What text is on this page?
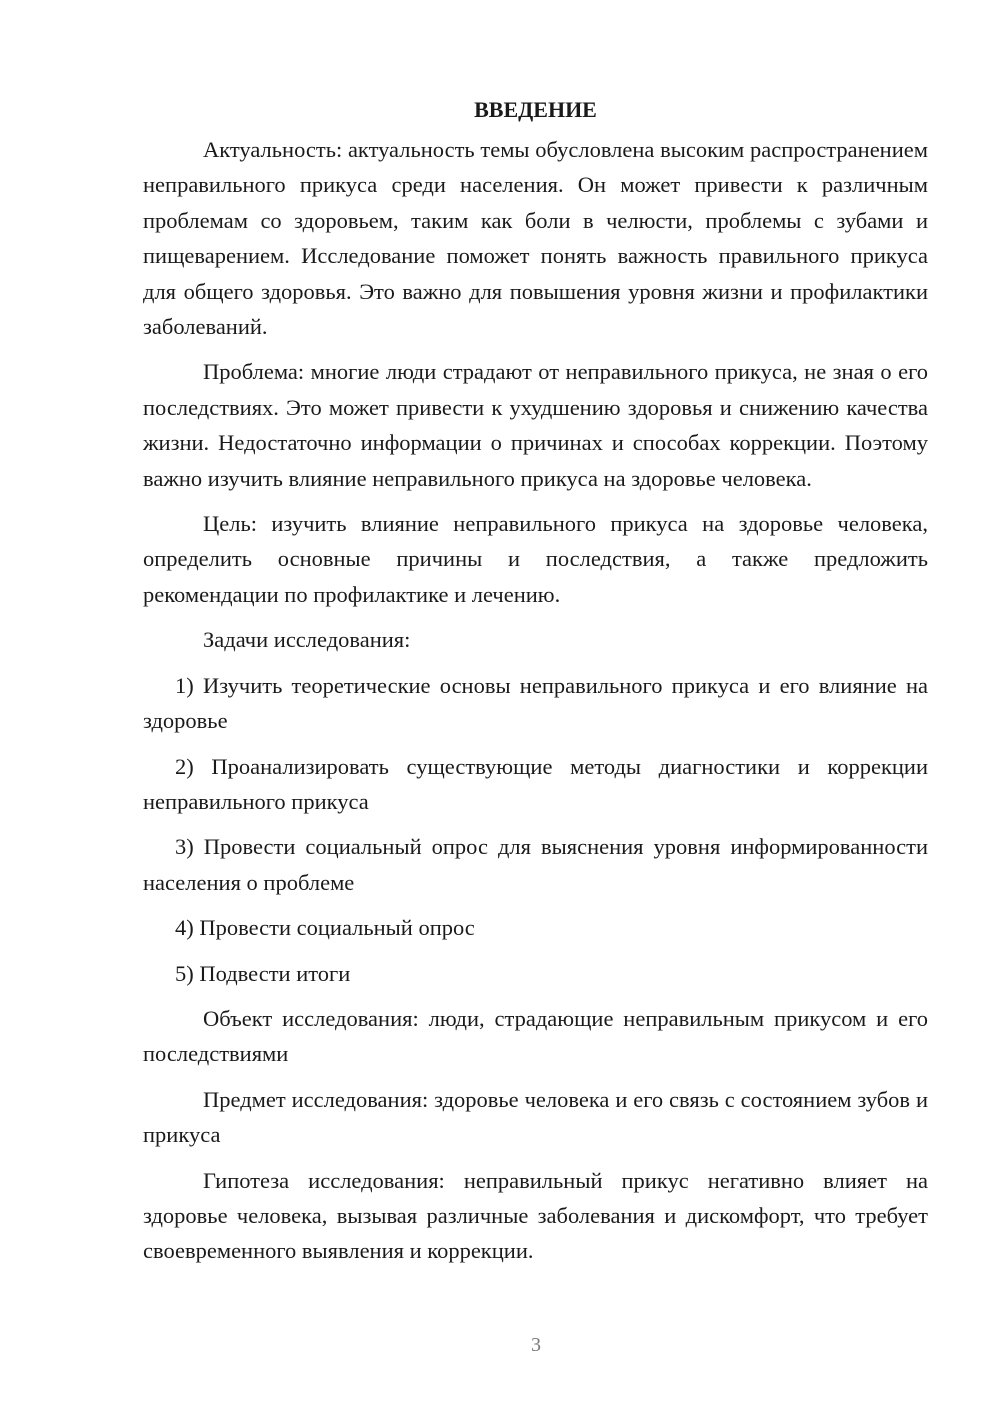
ВВЕДЕНИЕ

Актуальность: актуальность темы обусловлена высоким распространением неправильного прикуса среди населения. Он может привести к различным проблемам со здоровьем, таким как боли в челюсти, проблемы с зубами и пищеварением. Исследование поможет понять важность правильного прикуса для общего здоровья. Это важно для повышения уровня жизни и профилактики заболеваний.

Проблема: многие люди страдают от неправильного прикуса, не зная о его последствиях. Это может привести к ухудшению здоровья и снижению качества жизни. Недостаточно информации о причинах и способах коррекции. Поэтому важно изучить влияние неправильного прикуса на здоровье человека.

Цель: изучить влияние неправильного прикуса на здоровье человека, определить основные причины и последствия, а также предложить рекомендации по профилактике и лечению.

Задачи исследования:

1) Изучить теоретические основы неправильного прикуса и его влияние на здоровье

2) Проанализировать существующие методы диагностики и коррекции неправильного прикуса

3) Провести социальный опрос для выяснения уровня информированности населения о проблеме

4) Провести социальный опрос

5) Подвести итоги

Объект исследования: люди, страдающие неправильным прикусом и его последствиями

Предмет исследования: здоровье человека и его связь с состоянием зубов и прикуса

Гипотеза исследования: неправильный прикус негативно влияет на здоровье человека, вызывая различные заболевания и дискомфорт, что требует своевременного выявления и коррекции.

3
